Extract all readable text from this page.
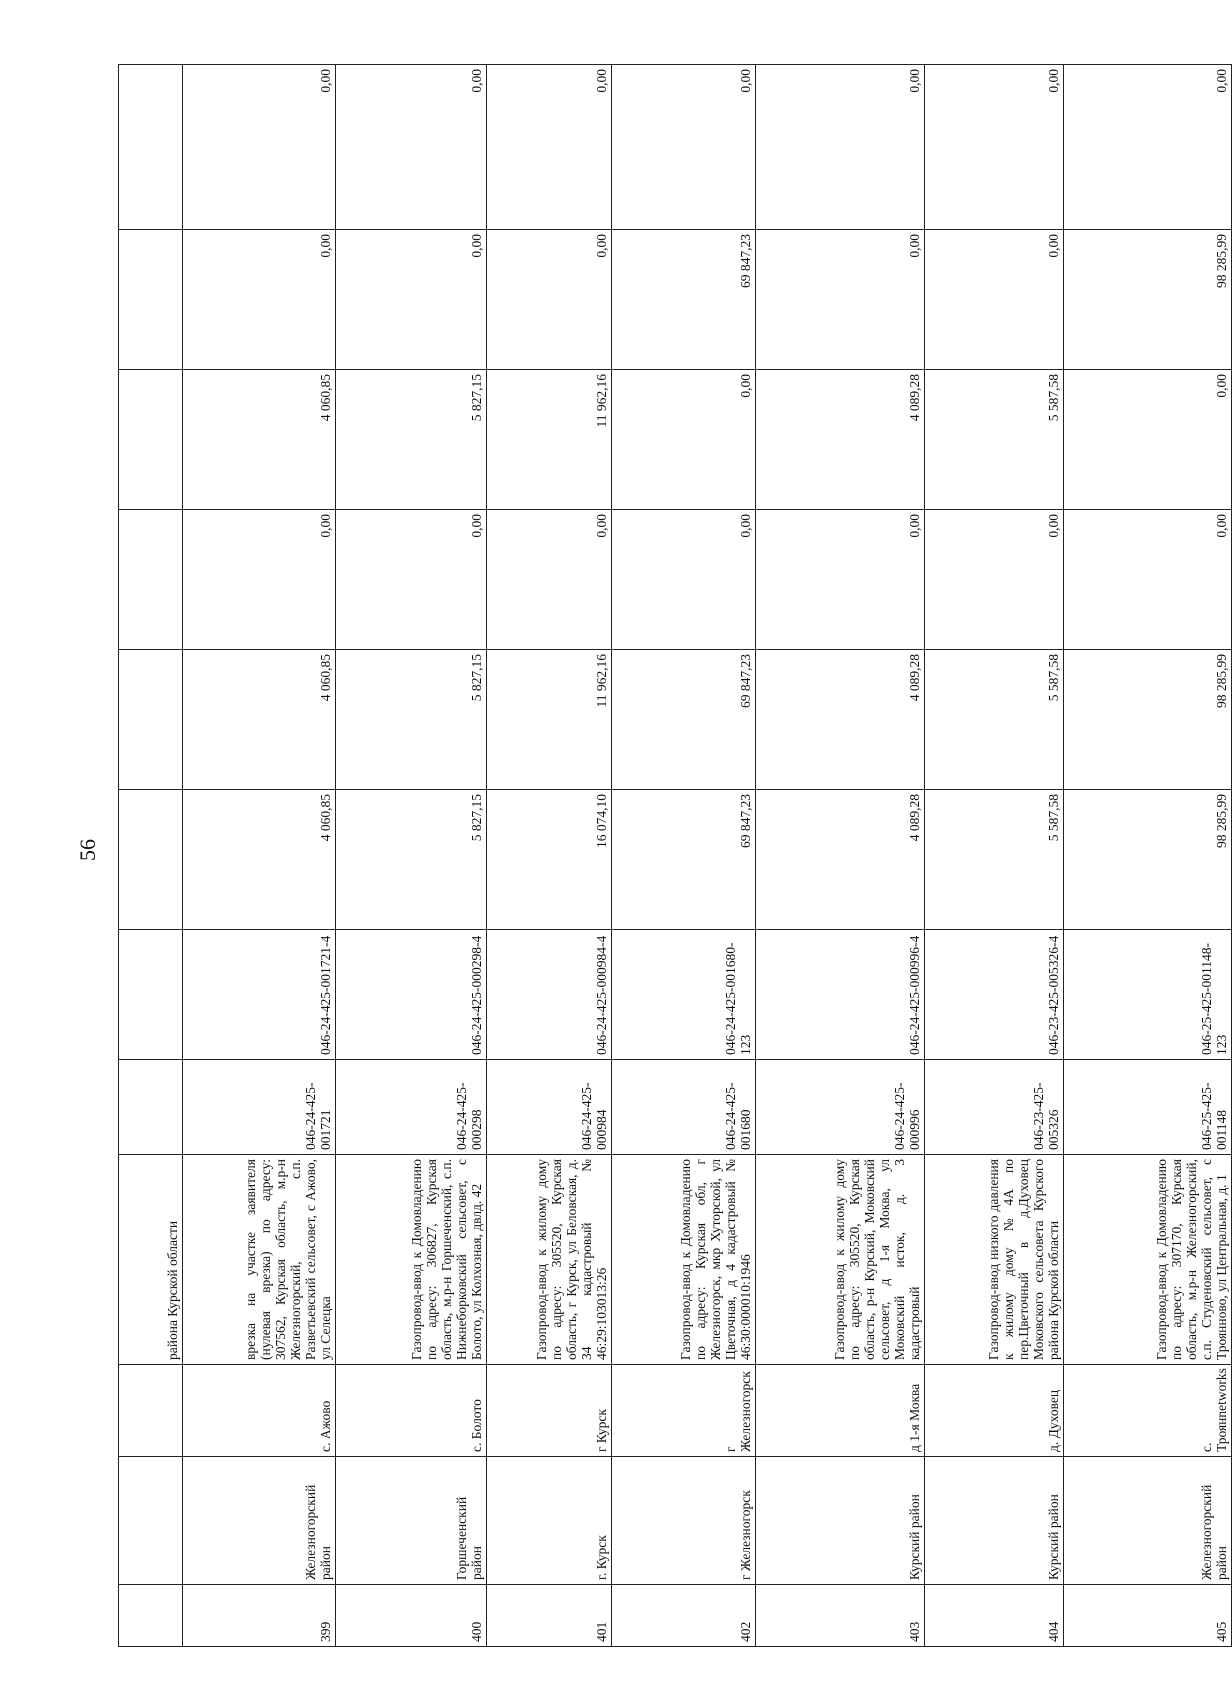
56
			района Курской области								
399	Железногорский район	с. Ажово	врезка на участке заявителя (нулевая врезка) по адресу: 307562, Курская область, м.р-н Железногорский, с.п. Разветьевский сельсовет, с Ажово, ул Селецка	046-24-425-001721	046-24-425-001721-4	4 060,85	4 060,85	0,00	4 060,85	0,00	0,00
400	Горшеченский район	с. Болото	Газопровод-ввод к Домовладению по адресу: 306827, Курская область, м.р-н Горшеченский, с.п. Нижнеборковский сельсовет, с Болото, ул Колхозная, двлд. 42	046-24-425-000298	046-24-425-000298-4	5 827,15	5 827,15	0,00	5 827,15	0,00	0,00
401	г. Курск	г Курск	Газопровод-ввод к жилому дому по адресу: 305520, Курская область, г Курск, ул Беловская, д. 34 кадастровый № 46:29:103013:26	046-24-425-000984	046-24-425-000984-4	16 074,10	11 962,16	0,00	11 962,16	0,00	0,00
402	г Железногорск	г Железногорск	Газопровод-ввод к Домовладению по адресу: Курская обл, г Железногорск, мкр Хуторской, ул Цветочная, д 4 кадастровый № 46:30:000010:1946	046-24-425-001680	046-24-425-001680-123	69 847,23	69 847,23	0,00	0,00	69 847,23	0,00
403	Курский район	д 1-я Моква	Газопровод-ввод к жилому дому по адресу: 305520, Курская область, р-н Курский, Моковский сельсовет, д 1-я Моква, ул Моковский исток, д. 3 кадастровый	046-24-425-000996	046-24-425-000996-4	4 089,28	4 089,28	0,00	4 089,28	0,00	0,00
404	Курский район	д. Духовец	Газопровод-ввод низкого давления к жилому дому №4А по пер.Цветочный в д.Духовец Моковского сельсовета Курского района Курской области	046-23-425-005326	046-23-425-005326-4	5 587,58	5 587,58	0,00	5 587,58	0,00	0,00
405	Железногорский район	с. Троянnetworks	Газопровод-ввод к Домовладению по адресу: 307170, Курская область, м.р-н Железногорский, с.п. Студеновский сельсовет, с Троянново, ул Центральная, д. 1	046-25-425-001148	046-25-425-001148-123	98 285,99	98 285,99	0,00	0,00	98 285,99	0,00
